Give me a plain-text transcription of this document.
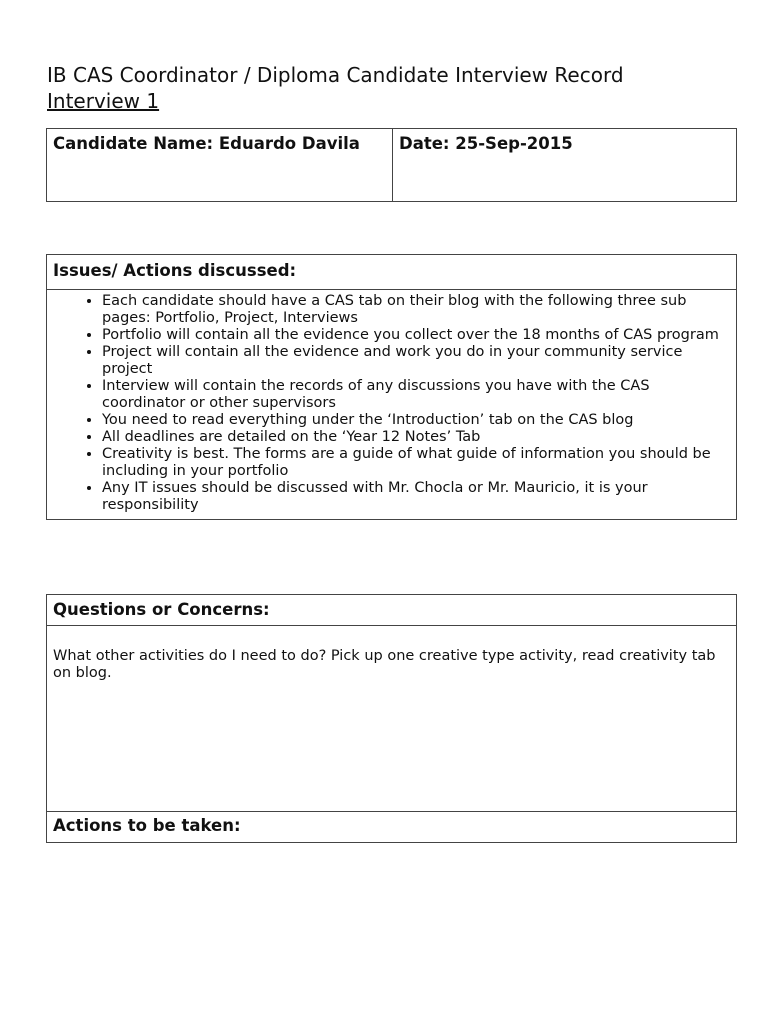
IB CAS Coordinator / Diploma Candidate Interview Record
Interview 1
Candidate Name: Eduardo Davila	Date: 25-Sep-2015
Issues/ Actions discussed:

• Each candidate should have a CAS tab on their blog with the following three sub pages: Portfolio, Project, Interviews
• Portfolio will contain all the evidence you collect over the 18 months of CAS program
• Project will contain all the evidence and work you do in your community service project
• Interview will contain the records of any discussions you have with the CAS coordinator or other supervisors
• You need to read everything under the ‘Introduction’ tab on the CAS blog
• All deadlines are detailed on the ‘Year 12 Notes’ Tab
• Creativity is best. The forms are a guide of what guide of information you should be including in your portfolio
• Any IT issues should be discussed with Mr. Chocla or Mr. Mauricio, it is your responsibility
Questions or Concerns:
What other activities do I need to do? Pick up one creative type activity, read creativity tab on blog.
Actions to be taken:
